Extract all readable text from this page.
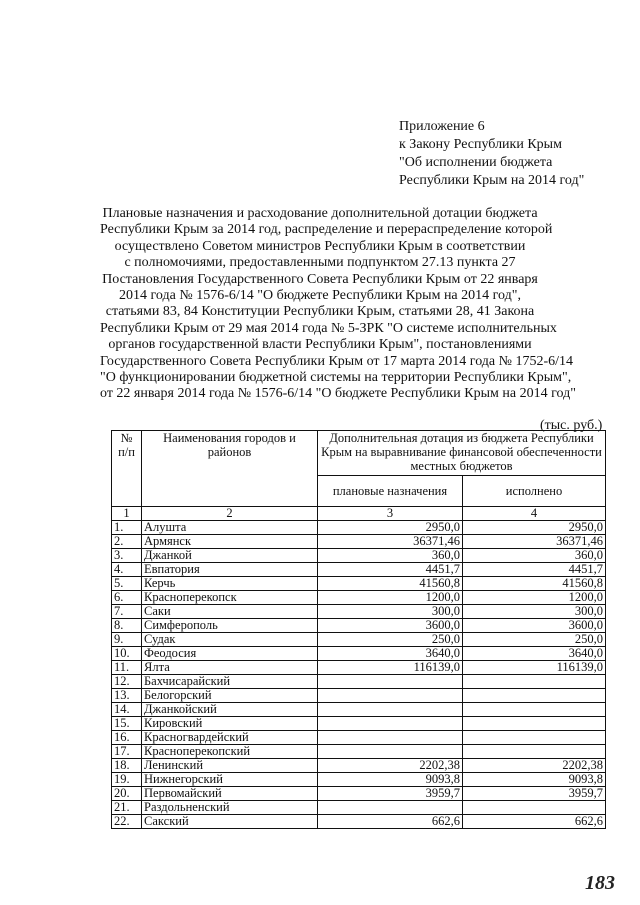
Приложение 6
к Закону Республики Крым
"Об исполнении бюджета
Республики Крым на 2014 год"
Плановые назначения и расходование дополнительной дотации бюджета
Республики Крым за 2014 год, распределение и перераспределение которой
осуществлено Советом министров Республики Крым в соответствии
с полномочиями, предоставленными подпунктом 27.13 пункта 27
Постановления Государственного Совета Республики Крым от 22 января
2014 года № 1576-6/14 "О бюджете Республики Крым на 2014 год",
статьями 83, 84 Конституции Республики Крым, статьями 28, 41 Закона
Республики Крым от 29 мая 2014 года № 5-ЗРК "О системе исполнительных
органов государственной власти Республики Крым", постановлениями
Государственного Совета Республики Крым от 17 марта 2014 года № 1752-6/14
"О функционировании бюджетной системы на территории Республики Крым",
от 22 января 2014 года № 1576-6/14 "О бюджете Республики Крым на 2014 год"
(тыс. руб.)
№ п/п	Наименования городов и районов	Дополнительная дотация из бюджета Республики Крым на выравнивание финансовой обеспеченности местных бюджетов	
		плановые назначения	исполнено
1	2	3	4
1.	Алушта	2950,0	2950,0
2.	Армянск	36371,46	36371,46
3.	Джанкой	360,0	360,0
4.	Евпатория	4451,7	4451,7
5.	Керчь	41560,8	41560,8
6.	Красноперекопск	1200,0	1200,0
7.	Саки	300,0	300,0
8.	Симферополь	3600,0	3600,0
9.	Судак	250,0	250,0
10.	Феодосия	3640,0	3640,0
11.	Ялта	116139,0	116139,0
12.	Бахчисарайский		
13.	Белогорский		
14.	Джанкойский		
15.	Кировский		
16.	Красногвардейский		
17.	Красноперекопский		
18.	Ленинский	2202,38	2202,38
19.	Нижнегорский	9093,8	9093,8
20.	Первомайский	3959,7	3959,7
21.	Раздольненский		
22.	Сакский	662,6	662,6
183
